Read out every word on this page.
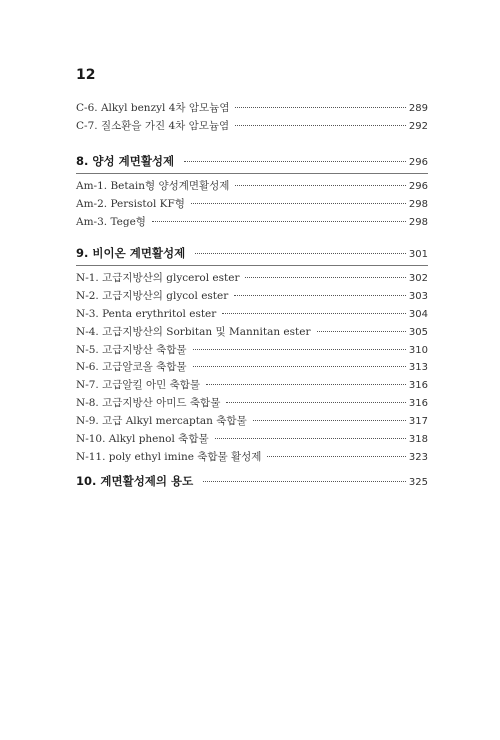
12
C-6. Alkyl benzyl 4차 암모늄염	289
C-7. 질소환을 가진 4차 암모늄염	292
8. 양성 계면활성제	296
Am-1. Betain형 양성계면활성제	296
Am-2. Persistol KF형	298
Am-3. Tege형	298
9. 비이온 계면활성제	301
N-1. 고급지방산의 glycerol ester	302
N-2. 고급지방산의 glycol ester	303
N-3. Penta erythritol ester	304
N-4. 고급지방산의 Sorbitan 및 Mannitan ester	305
N-5. 고급지방산 축합물	310
N-6. 고급알코올 축합물	313
N-7. 고급알킬 아민 축합물	316
N-8. 고급지방산 아미드 축합물	316
N-9. 고급 Alkyl mercaptan 축합물	317
N-10. Alkyl phenol 축합물	318
N-11. poly ethyl imine 축합물 활성제	323
10. 계면활성제의 용도	325
